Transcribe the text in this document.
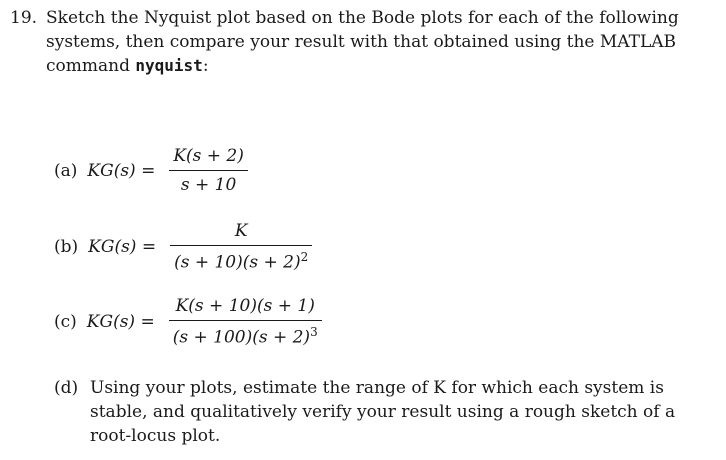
19. Sketch the Nyquist plot based on the Bode plots for each of the following systems, then compare your result with that obtained using the MATLAB command nyquist:
(a) $KG(s) = \frac{K(s + 2)}{s + 10}$
(b) $KG(s) = \frac{K}{(s + 10)(s + 2)^2}$
(c) $KG(s) = \frac{K(s + 10)(s + 1)}{(s + 100)(s + 2)^3}$
(d) Using your plots, estimate the range of K for which each system is stable, and qualitatively verify your result using a rough sketch of a root-locus plot.
